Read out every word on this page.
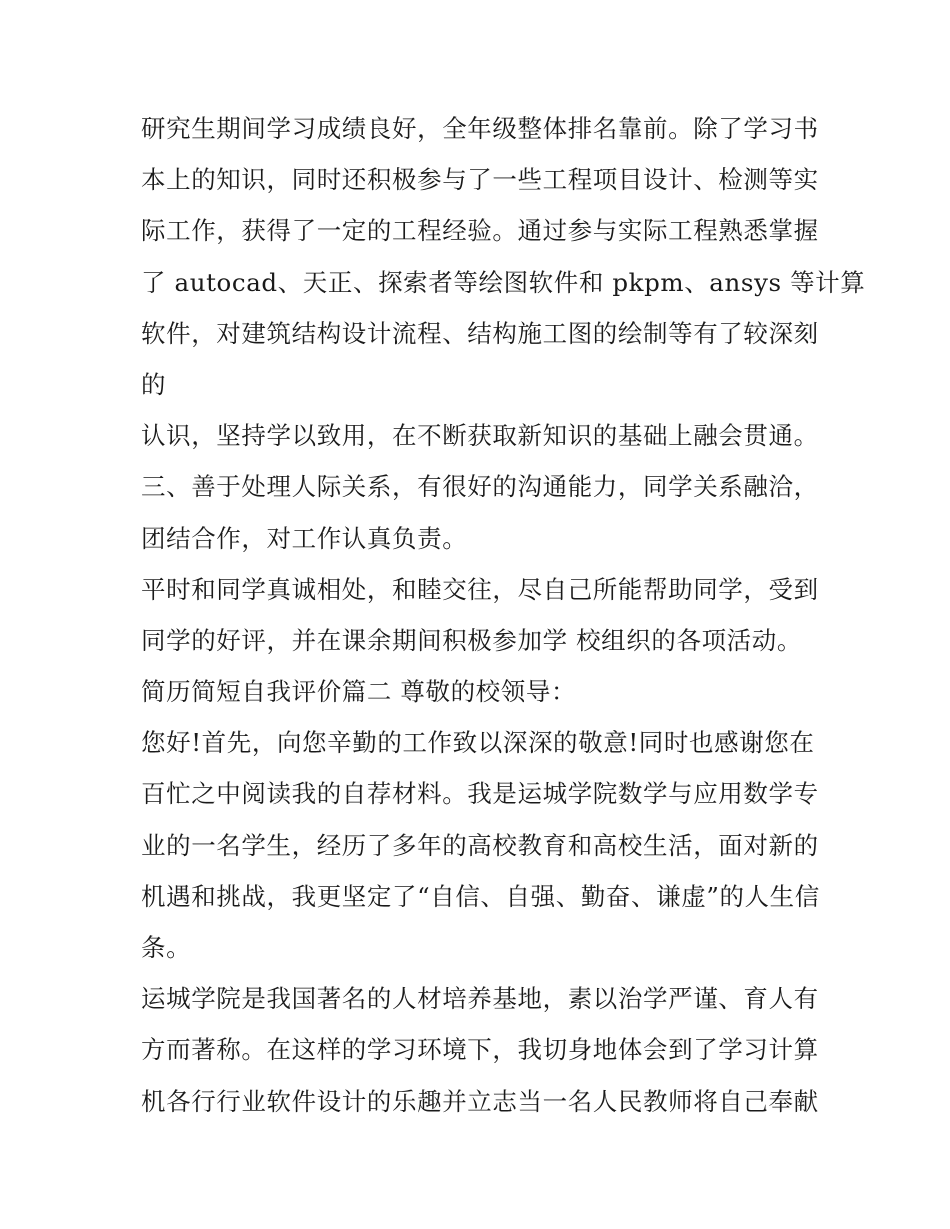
研究生期间学习成绩良好，全年级整体排名靠前。除了学习书
本上的知识，同时还积极参与了一些工程项目设计、检测等实
际工作，获得了一定的工程经验。通过参与实际工程熟悉掌握
了 autocad、天正、探索者等绘图软件和 pkpm、ansys 等计算
软件，对建筑结构设计流程、结构施工图的绘制等有了较深刻
的
认识，坚持学以致用，在不断获取新知识的基础上融会贯通。
三、善于处理人际关系，有很好的沟通能力，同学关系融洽，
团结合作，对工作认真负责。
平时和同学真诚相处，和睦交往，尽自己所能帮助同学，受到
同学的好评，并在课余期间积极参加学 校组织的各项活动。
简历简短自我评价篇二 尊敬的校领导：
您好!首先，向您辛勤的工作致以深深的敬意!同时也感谢您在
百忙之中阅读我的自荐材料。我是运城学院数学与应用数学专
业的一名学生，经历了多年的高校教育和高校生活，面对新的
机遇和挑战，我更坚定了“自信、自强、勤奋、谦虚”的人生信
条。
运城学院是我国著名的人材培养基地，素以治学严谨、育人有
方而著称。在这样的学习环境下，我切身地体会到了学习计算
机各行行业软件设计的乐趣并立志当一名人民教师将自己奉献
